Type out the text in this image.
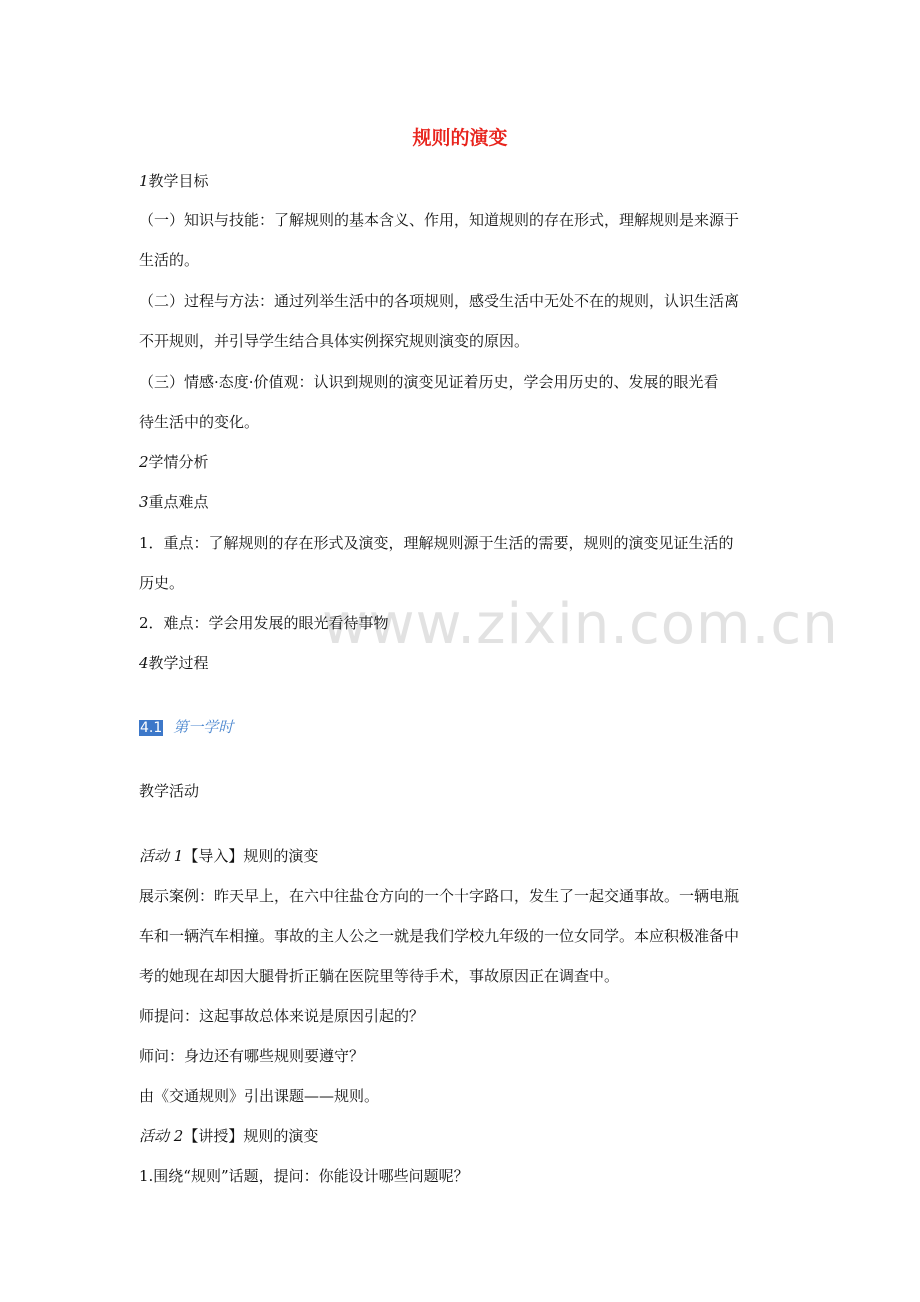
www.zixin.com.cn
规则的演变
1教学目标
（一）知识与技能：了解规则的基本含义、作用，知道规则的存在形式，理解规则是来源于
生活的。
（二）过程与方法：通过列举生活中的各项规则，感受生活中无处不在的规则，认识生活离
不开规则，并引导学生结合具体实例探究规则演变的原因。
（三）情感·态度·价值观：认识到规则的演变见证着历史，学会用历史的、发展的眼光看
待生活中的变化。
2学情分析
3重点难点
1．重点：了解规则的存在形式及演变，理解规则源于生活的需要，规则的演变见证生活的
历史。
2．难点：学会用发展的眼光看待事物
4教学过程
4.1 第一学时
教学活动
活动 1【导入】规则的演变
展示案例：昨天早上，在六中往盐仓方向的一个十字路口，发生了一起交通事故。一辆电瓶
车和一辆汽车相撞。事故的主人公之一就是我们学校九年级的一位女同学。本应积极准备中
考的她现在却因大腿骨折正躺在医院里等待手术，事故原因正在调查中。
师提问：这起事故总体来说是原因引起的？
师问：身边还有哪些规则要遵守？
由《交通规则》引出课题——规则。
活动 2【讲授】规则的演变
1.围绕“规则”话题，提问：你能设计哪些问题呢？
